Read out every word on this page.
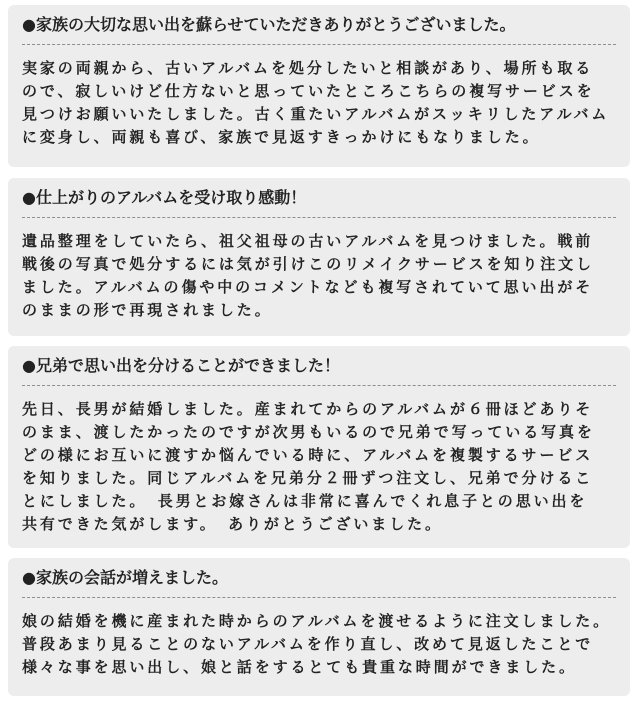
●家族の大切な思い出を蘇らせていただきありがとうございました。
実家の両親から、古いアルバムを処分したいと相談があり、場所も取る
ので、寂しいけど仕方ないと思っていたところこちらの複写サービスを
見つけお願いいたしました。古く重たいアルバムがスッキリしたアルバム
に変身し、両親も喜び、家族で見返すきっかけにもなりました。
●仕上がりのアルバムを受け取り感動！
遺品整理をしていたら、祖父祖母の古いアルバムを見つけました。戦前
戦後の写真で処分するには気が引けこのリメイクサービスを知り注文し
ました。アルバムの傷や中のコメントなども複写されていて思い出がそ
のままの形で再現されました。
●兄弟で思い出を分けることができました！
先日、長男が結婚しました。産まれてからのアルバムが６冊ほどありそ
のまま、渡したかったのですが次男もいるので兄弟で写っている写真を
どの様にお互いに渡すか悩んでいる時に、アルバムを複製するサービス
を知りました。同じアルバムを兄弟分２冊ずつ注文し、兄弟で分けるこ
とにしました。　長男とお嫁さんは非常に喜んでくれ息子との思い出を
共有できた気がします。　ありがとうございました。
●家族の会話が増えました。
娘の結婚を機に産まれた時からのアルバムを渡せるように注文しました。
普段あまり見ることのないアルバムを作り直し、改めて見返したことで
様々な事を思い出し、娘と話をするとても貴重な時間ができました。
